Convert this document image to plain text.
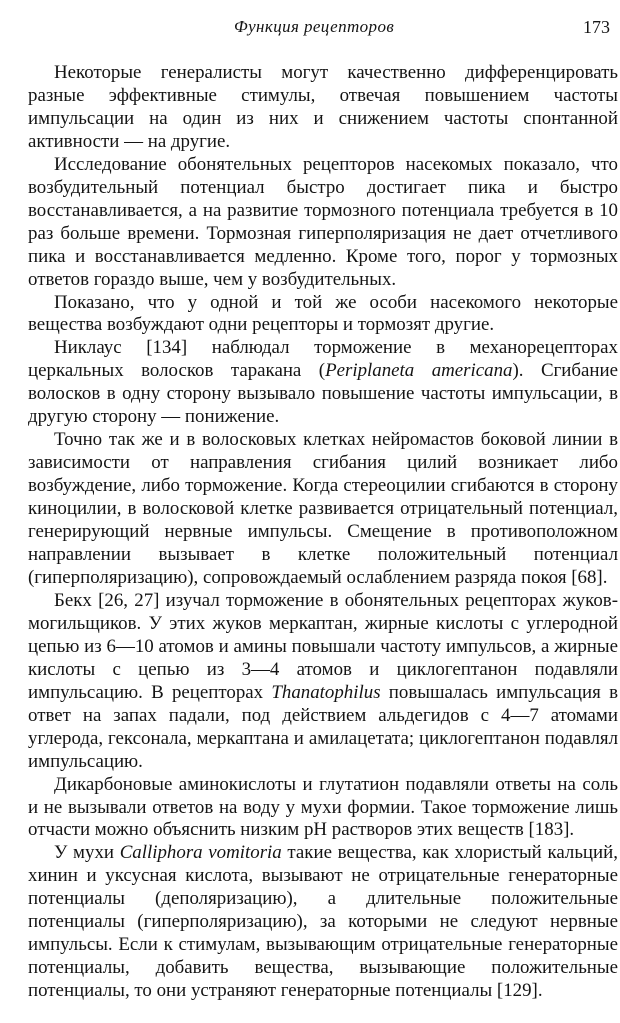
Функция рецепторов	173

Некоторые генералисты могут качественно дифференцировать разные эффективные стимулы, отвечая повышением частоты импульсации на один из них и снижением частоты спонтанной активности — на другие.

Исследование обонятельных рецепторов насекомых показало, что возбудительный потенциал быстро достигает пика и быстро восстанавливается, а на развитие тормозного потенциала требуется в 10 раз больше времени. Тормозная гиперполяризация не дает отчетливого пика и восстанавливается медленно. Кроме того, порог у тормозных ответов гораздо выше, чем у возбудительных.

Показано, что у одной и той же особи насекомого некоторые вещества возбуждают одни рецепторы и тормозят другие.

Никлаус [134] наблюдал торможение в механорецепторах церкальных волосков таракана (Periplaneta americana). Сгибание волосков в одну сторону вызывало повышение частоты импульсации, в другую сторону — понижение.

Точно так же и в волосковых клетках нейромастов боковой линии в зависимости от направления сгибания цилий возникает либо возбуждение, либо торможение. Когда стереоцилии сгибаются в сторону киноцилии, в волосковой клетке развивается отрицательный потенциал, генерирующий нервные импульсы. Смещение в противоположном направлении вызывает в клетке положительный потенциал (гиперполяризацию), сопровождаемый ослаблением разряда покоя [68].

Бекх [26, 27] изучал торможение в обонятельных рецепторах жуков-могильщиков. У этих жуков меркаптан, жирные кислоты с углеродной цепью из 6—10 атомов и амины повышали частоту импульсов, а жирные кислоты с цепью из 3—4 атомов и циклогептанон подавляли импульсацию. В рецепторах Thanatophilus повышалась импульсация в ответ на запах падали, под действием альдегидов с 4—7 атомами углерода, гексонала, меркаптана и амилацетата; циклогептанон подавлял импульсацию.

Дикарбоновые аминокислоты и глутатион подавляли ответы на соль и не вызывали ответов на воду у мухи формии. Такое торможение лишь отчасти можно объяснить низким pH растворов этих веществ [183].

У мухи Calliphora vomitoria такие вещества, как хлористый кальций, хинин и уксусная кислота, вызывают не отрицательные генераторные потенциалы (деполяризацию), а длительные положительные потенциалы (гиперполяризацию), за которыми не следуют нервные импульсы. Если к стимулам, вызывающим отрицательные генераторные потенциалы, добавить вещества, вызывающие положительные потенциалы, то они устраняют генераторные потенциалы [129].
